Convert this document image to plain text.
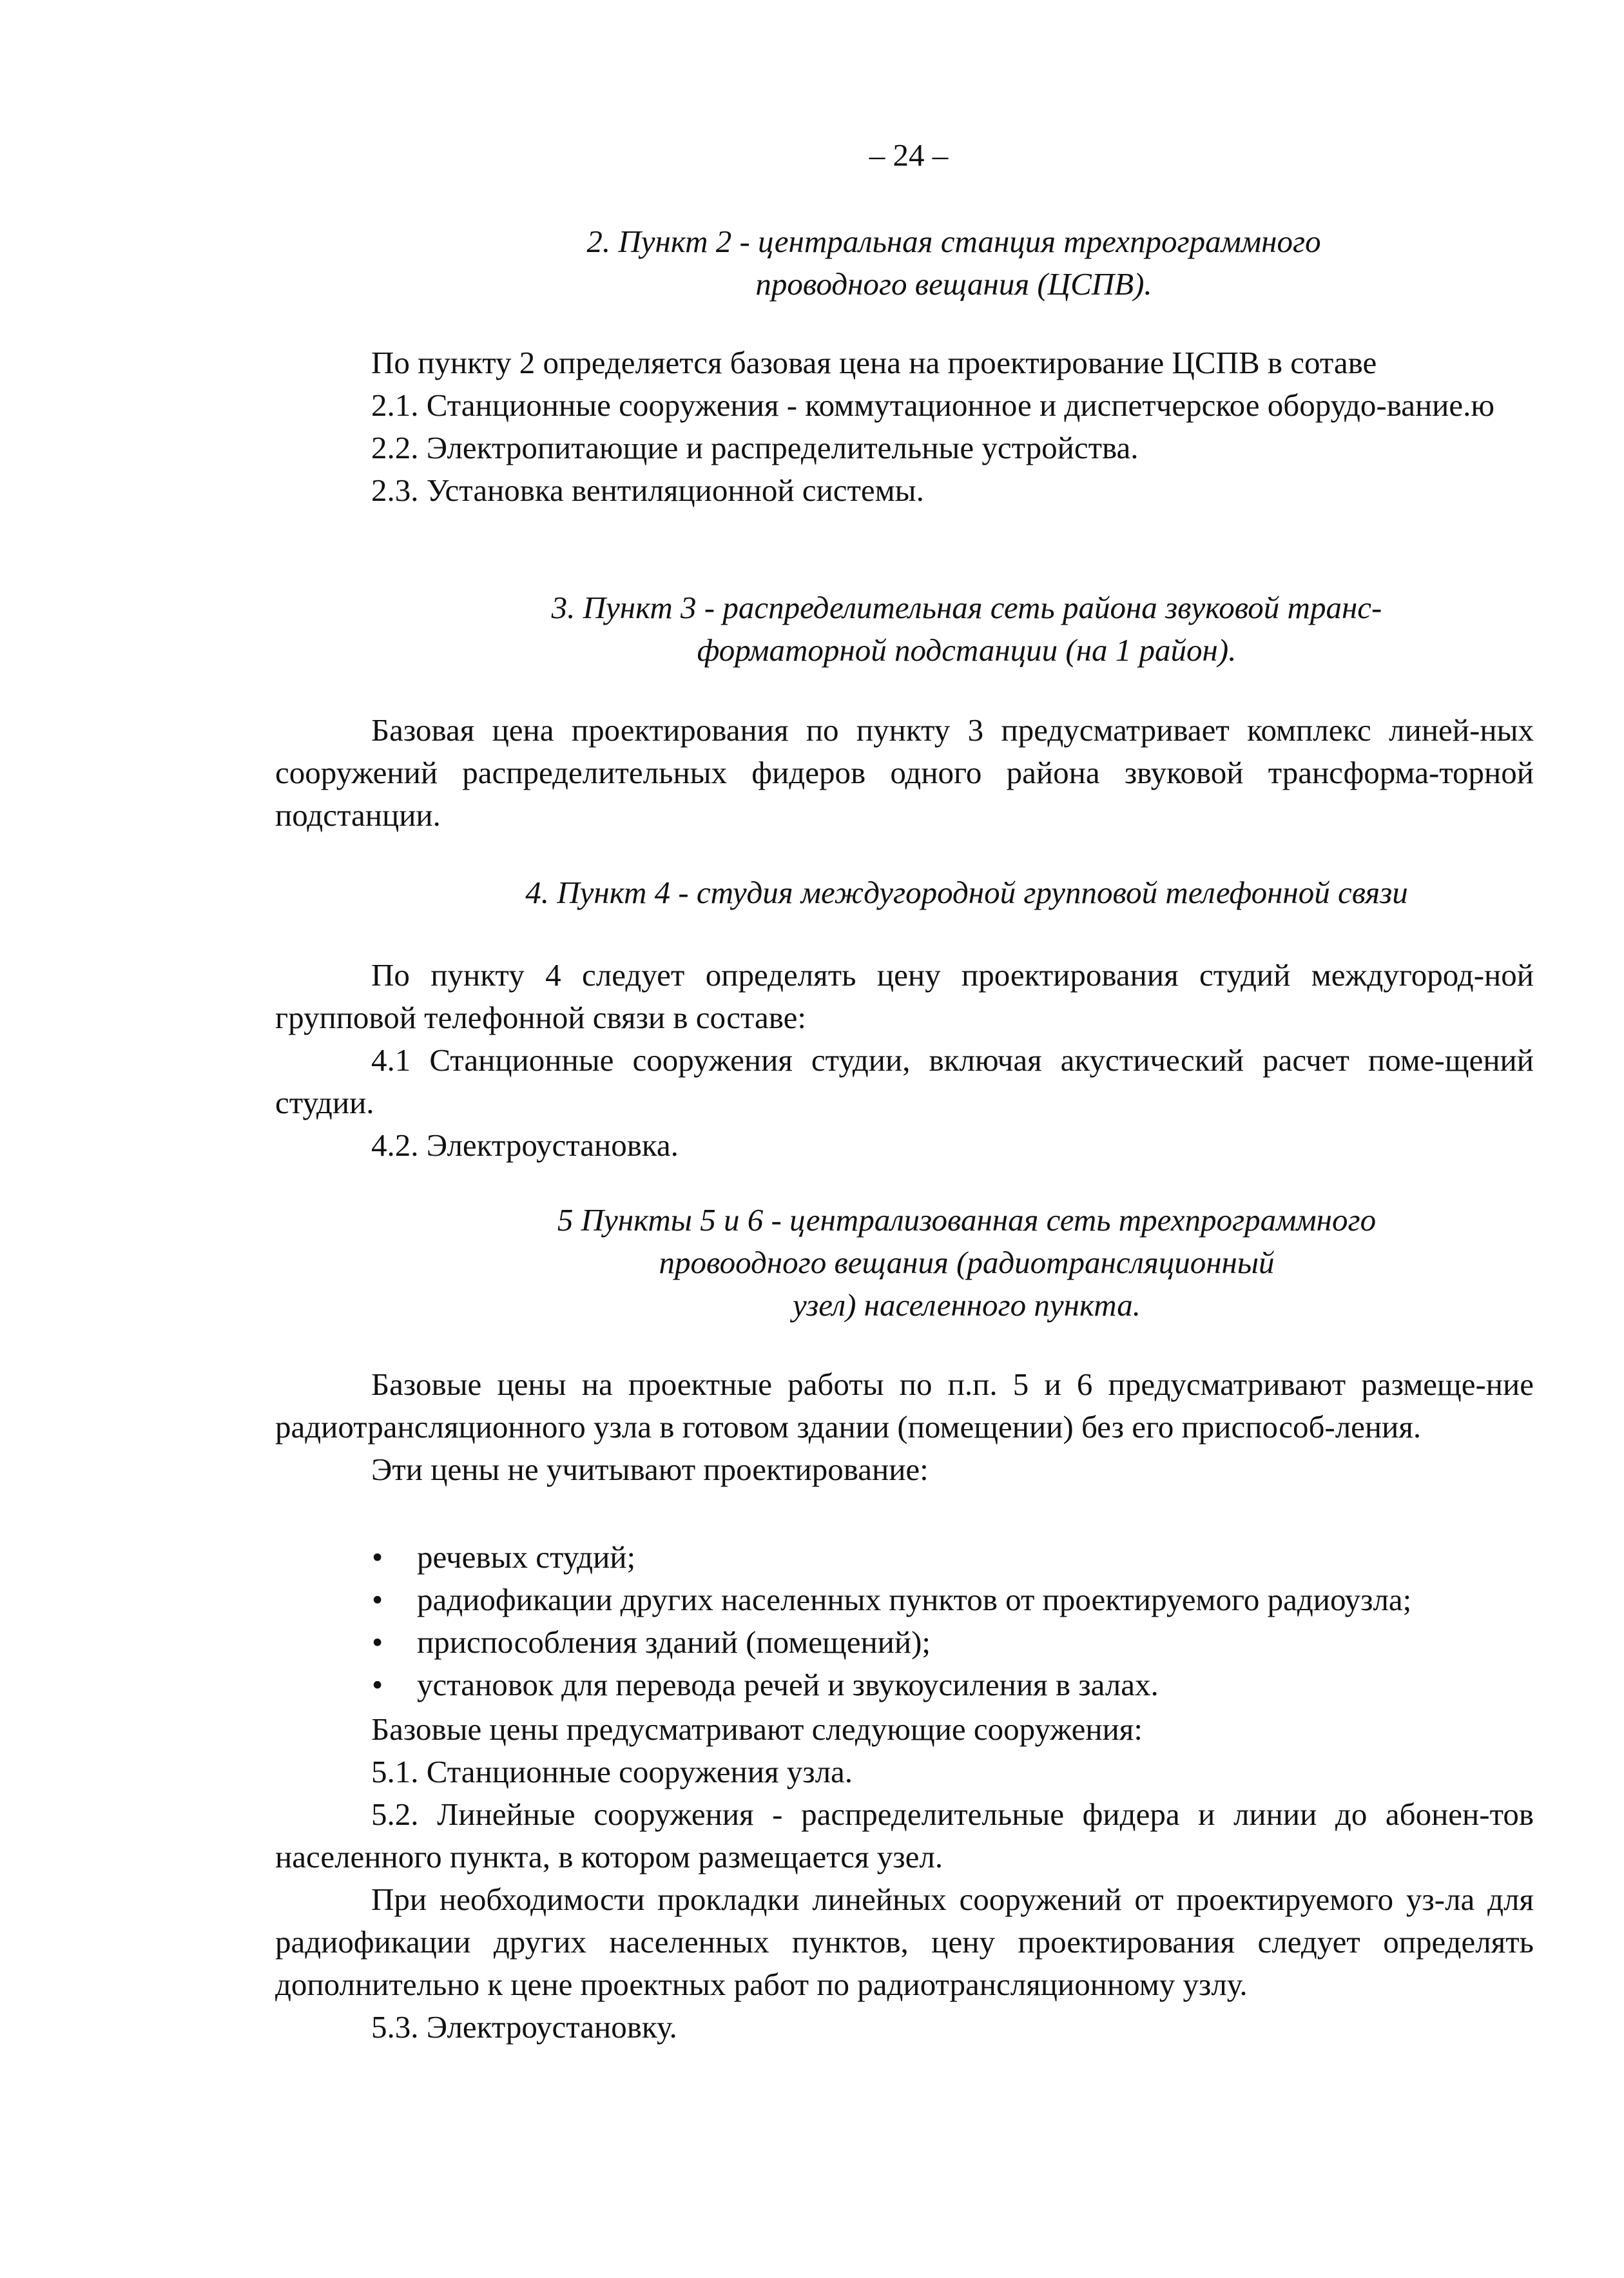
– 24 –
2. Пункт 2 - центральная станция трехпрограммного
проводного вещания (ЦСПВ).

По пункту 2 определяется базовая цена на проектирование ЦСПВ в сотаве

2.1. Станционные сооружения - коммутационное и диспетчерское оборудо-вание.ю

2.2. Электропитающие и распределительные устройства.

2.3. Установка вентиляционной системы.

3. Пункт 3 - распределительная сеть района звуковой транс-
форматорной подстанции (на 1 район).

Базовая цена проектирования по пункту 3 предусматривает комплекс линей-ных сооружений распределительных фидеров одного района звуковой трансформа-торной подстанции.

4. Пункт 4 - студия междугородной групповой телефонной связи

По пункту 4 следует определять цену проектирования студий междугород-ной групповой телефонной связи в составе:

4.1 Станционные сооружения студии, включая акустический расчет поме-щений студии.

4.2. Электроустановка.

5 Пункты 5 и 6 - централизованная сеть трехпрограммного
провоодного вещания (радиотрансляционный
узел) населенного пункта.

Базовые цены на проектные работы по п.п. 5 и 6 предусматривают размеще-ние радиотрансляционного узла в готовом здании (помещении) без его приспособ-ления.

Эти цены не учитывают проектирование:

• речевых студий;
• радиофикации других населенных пунктов от проектируемого радиоузла;
• приспособления зданий (помещений);
• установок для перевода речей и звукоусиления в залах.

Базовые цены предусматривают следующие сооружения:

5.1. Станционные сооружения узла.

5.2. Линейные сооружения - распределительные фидера и линии до абонен-тов населенного пункта, в котором размещается узел.

При необходимости прокладки линейных сооружений от проектируемого уз-ла для радиофикации других населенных пунктов, цену проектирования следует определять дополнительно к цене проектных работ по радиотрансляционному узлу.

5.3. Электроустановку.
